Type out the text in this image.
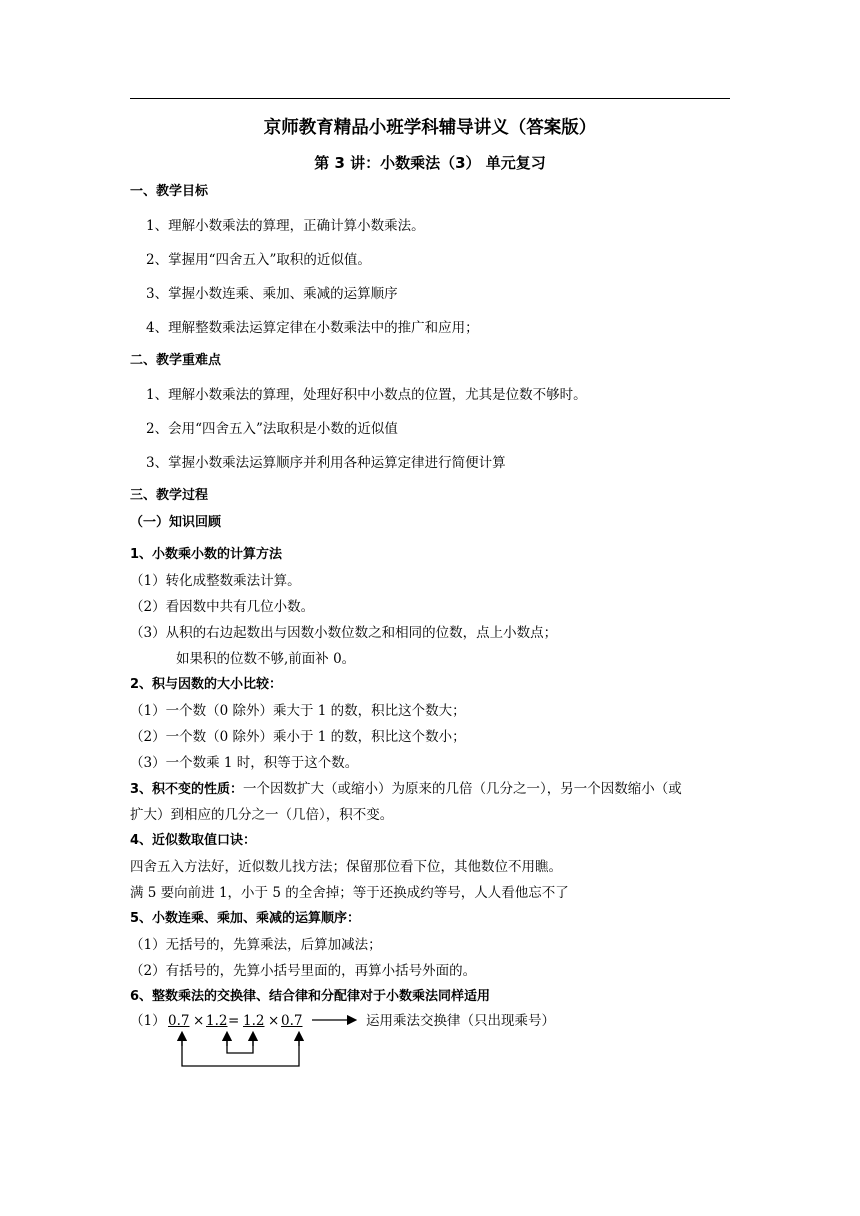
京师教育精品小班学科辅导讲义（答案版）
第 3 讲：小数乘法（3） 单元复习
一、教学目标
1、理解小数乘法的算理，正确计算小数乘法。
2、掌握用“四舍五入”取积的近似值。
3、掌握小数连乘、乘加、乘减的运算顺序
4、理解整数乘法运算定律在小数乘法中的推广和应用；
二、教学重难点
1、理解小数乘法的算理，处理好积中小数点的位置，尤其是位数不够时。
2、会用“四舍五入”法取积是小数的近似值
3、掌握小数乘法运算顺序并利用各种运算定律进行简便计算
三、教学过程
（一）知识回顾
1、小数乘小数的计算方法
（1）转化成整数乘法计算。
（2）看因数中共有几位小数。
（3）从积的右边起数出与因数小数位数之和相同的位数，点上小数点；
如果积的位数不够,前面补 0。
2、积与因数的大小比较：
（1）一个数（0 除外）乘大于 1 的数，积比这个数大；
（2）一个数（0 除外）乘小于 1 的数，积比这个数小；
（3）一个数乘 1 时，积等于这个数。
3、积不变的性质：一个因数扩大（或缩小）为原来的几倍（几分之一），另一个因数缩小（或
扩大）到相应的几分之一（几倍），积不变。
4、近似数取值口诀：
四舍五入方法好，近似数儿找方法；保留那位看下位，其他数位不用瞧。
满 5 要向前进 1，小于 5 的全舍掉；等于还换成约等号，人人看他忘不了
5、小数连乘、乘加、乘减的运算顺序：
（1）无括号的，先算乘法，后算加减法；
（2）有括号的，先算小括号里面的，再算小括号外面的。
6、整数乘法的交换律、结合律和分配律对于小数乘法同样适用
（1） 0.7 × 1.2 = 1.2 × 0.7	运用乘法交换律（只出现乘号）
